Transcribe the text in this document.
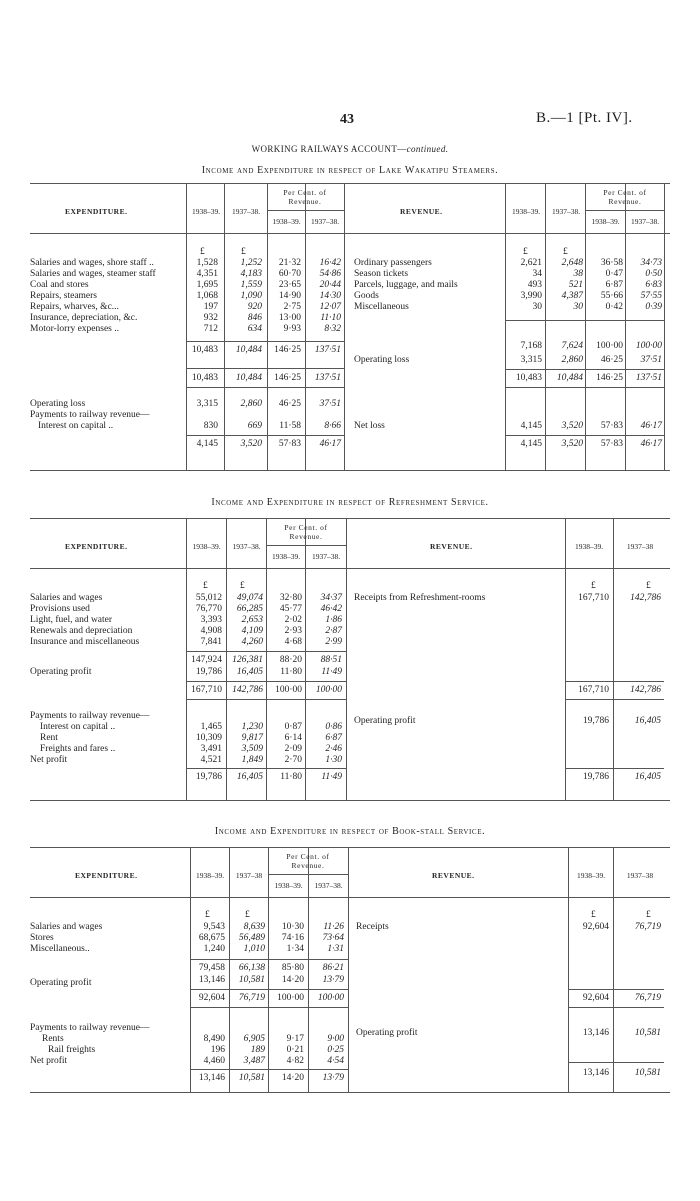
43	B.—1 [Pt. IV].
WORKING RAILWAYS ACCOUNT—continued.
Income and Expenditure in respect of Lake Wakatipu Steamers.
EXPENDITURE.	1938–39.	1937–38.
Per Cent. of Revenue.
1938–39.	1937–38.
REVENUE.	1938–39.	1937–38.
Per Cent. of Revenue.
1938–39.	1937–38.
£	£	£	£
Salaries and wages, shore staff ..	1,528 1,252 21·32 16·42
Salaries and wages, steamer staff	4,351 4,183 60·70 54·86
Coal and stores	1,695 1,559 23·65 20·44
Repairs, steamers	1,068 1,090 14·90 14·30
Repairs, wharves, &c...	197	920 2·75 12·07
Insurance, depreciation, &c.	932	846 13·00 11·10
Motor-lorry expenses ..	712	634 9·93 8·32
10,483 10,484 146·25 137·51
10,483 10,484 146·25 137·51
Operating loss	3,315 2,860 46·25 37·51
Payments to railway revenue—
Interest on capital ..	830	669 11·58 8·66
4,145 3,520 57·83 46·17
Ordinary passengers	2,621 2,648 36·58 34·73
Season tickets	34	38 0·47 0·50
Parcels, luggage, and mails	493	521 6·87 6·83
Goods	3,990 4,387 55·66 57·55
Miscellaneous	30	30 0·42 0·39
7,168 7,624 100·00 100·00
Operating loss	3,315 2,860 46·25 37·51
10,483 10,484 146·25 137·51
Net loss	4,145 3,520 57·83 46·17
4,145 3,520 57·83 46·17
Income and Expenditure in respect of Refreshment Service.
EXPENDITURE.	1938–39.	1937–38.
Per Cent. of Revenue.
1938–39.	1937–38.
REVENUE.	1938–39.	1937–38
£	£	£	£
Salaries and wages	55,012 49,074 32·80 34·37
Provisions used	76,770 66,285 45·77 46·42
Light, fuel, and water	3,393 2,653 2·02 1·86
Renewals and depreciation	4,908 4,109 2·93 2·87
Insurance and miscellaneous	7,841 4,260 4·68 2·99
147,924 126,381 88·20 88·51
Operating profit	19,786 16,405 11·80 11·49
167,710 142,786 100·00 100·00
Payments to railway revenue—
Interest on capital ..	1,465 1,230 0·87 0·86
Rent	10,309 9,817 6·14 6·87
Freights and fares ..	3,491 3,509 2·09 2·46
Net profit	4,521 1,849 2·70 1·30
19,786 16,405 11·80 11·49
Receipts from Refreshment-rooms	167,710 142,786
167,710 142,786
Operating profit	19,786	16,405
19,786	16,405
Income and Expenditure in respect of Book-stall Service.
EXPENDITURE.	1938–39.	1937–38
Per Cent. of Revenue.
1938–39.	1937–38.
REVENUE.	1938–39.	1937–38
£	£	£	£
Salaries and wages	9,543 8,639 10·30 11·26
Stores	68,675 56,489 74·16 73·64
Miscellaneous..	1,240 1,010 1·34 1·31
79,458 66,138 85·80 86·21
Operating profit	13,146 10,581 14·20 13·79
92,604 76,719 100·00 100·00
Payments to railway revenue—
Rents	8,490 6,905 9·17 9·00
Rail freights	196	189 0·21 0·25
Net profit	4,460 3,487 4·82 4·54
13,146 10,581 14·20 13·79
Receipts	92,604	76,719
92,604	76,719
Operating profit	13,146	10,581
13,146	10,581
